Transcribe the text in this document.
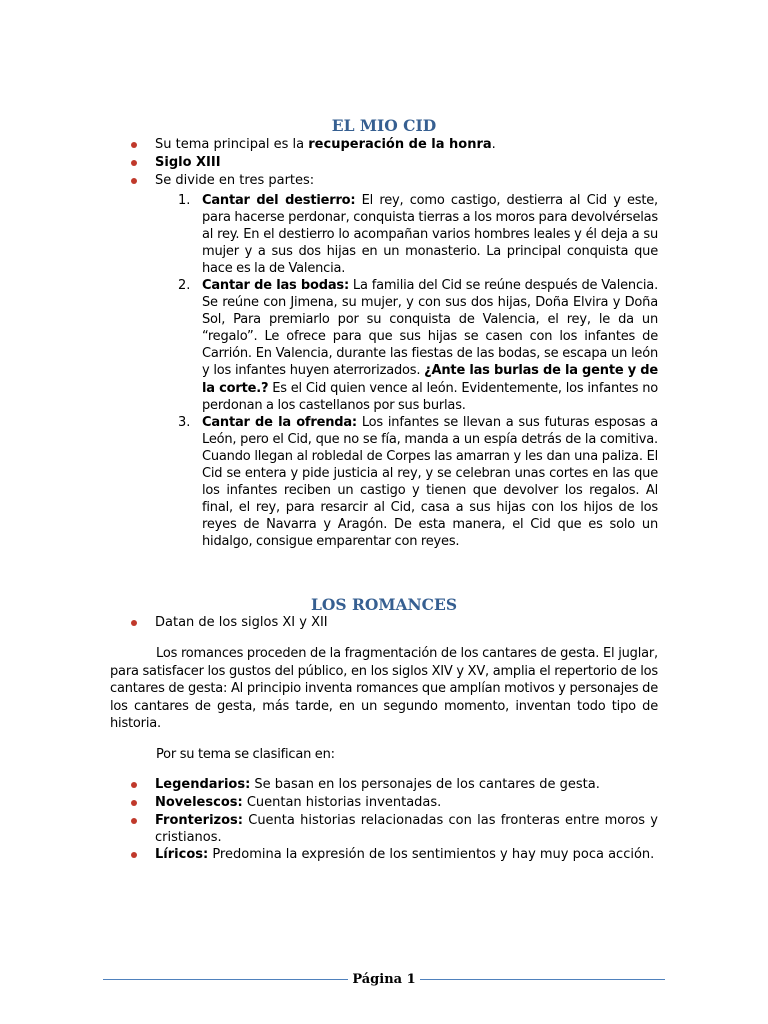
EL MIO CID
Su tema principal es la recuperación de la honra.
Siglo XIII
Se divide en tres partes:
1. Cantar del destierro: El rey, como castigo, destierra al Cid y este, para hacerse perdonar, conquista tierras a los moros para devolvérselas al rey. En el destierro lo acompañan varios hombres leales y él deja a su mujer y a sus dos hijas en un monasterio. La principal conquista que hace es la de Valencia.

2. Cantar de las bodas: La familia del Cid se reúne después de Valencia. Se reúne con Jimena, su mujer, y con sus dos hijas, Doña Elvira y Doña Sol, Para premiarlo por su conquista de Valencia, el rey, le da un “regalo”. Le ofrece para que sus hijas se casen con los infantes de Carrión. En Valencia, durante las fiestas de las bodas, se escapa un león y los infantes huyen aterrorizados. ¿Ante las burlas de la gente y de la corte.? Es el Cid quien vence al león. Evidentemente, los infantes no perdonan a los castellanos por sus burlas.

3. Cantar de la ofrenda: Los infantes se llevan a sus futuras esposas a León, pero el Cid, que no se fía, manda a un espía detrás de la comitiva. Cuando llegan al robledal de Corpes las amarran y les dan una paliza. El Cid se entera y pide justicia al rey, y se celebran unas cortes en las que los infantes reciben un castigo y tienen que devolver los regalos. Al final, el rey, para resarcir al Cid, casa a sus hijas con los hijos de los reyes de Navarra y Aragón. De esta manera, el Cid que es solo un hidalgo, consigue emparentar con reyes.

LOS ROMANCES
Datan de los siglos XI y XII

Los romances proceden de la fragmentación de los cantares de gesta. El juglar, para satisfacer los gustos del público, en los siglos XIV y XV, amplia el repertorio de los cantares de gesta: Al principio inventa romances que amplían motivos y personajes de los cantares de gesta, más tarde, en un segundo momento, inventan todo tipo de historia.

Por su tema se clasifican en:

Legendarios: Se basan en los personajes de los cantares de gesta.
Novelescos: Cuentan historias inventadas.
Fronterizos: Cuenta historias relacionadas con las fronteras entre moros y cristianos.
Líricos: Predomina la expresión de los sentimientos y hay muy poca acción.
Página 1
